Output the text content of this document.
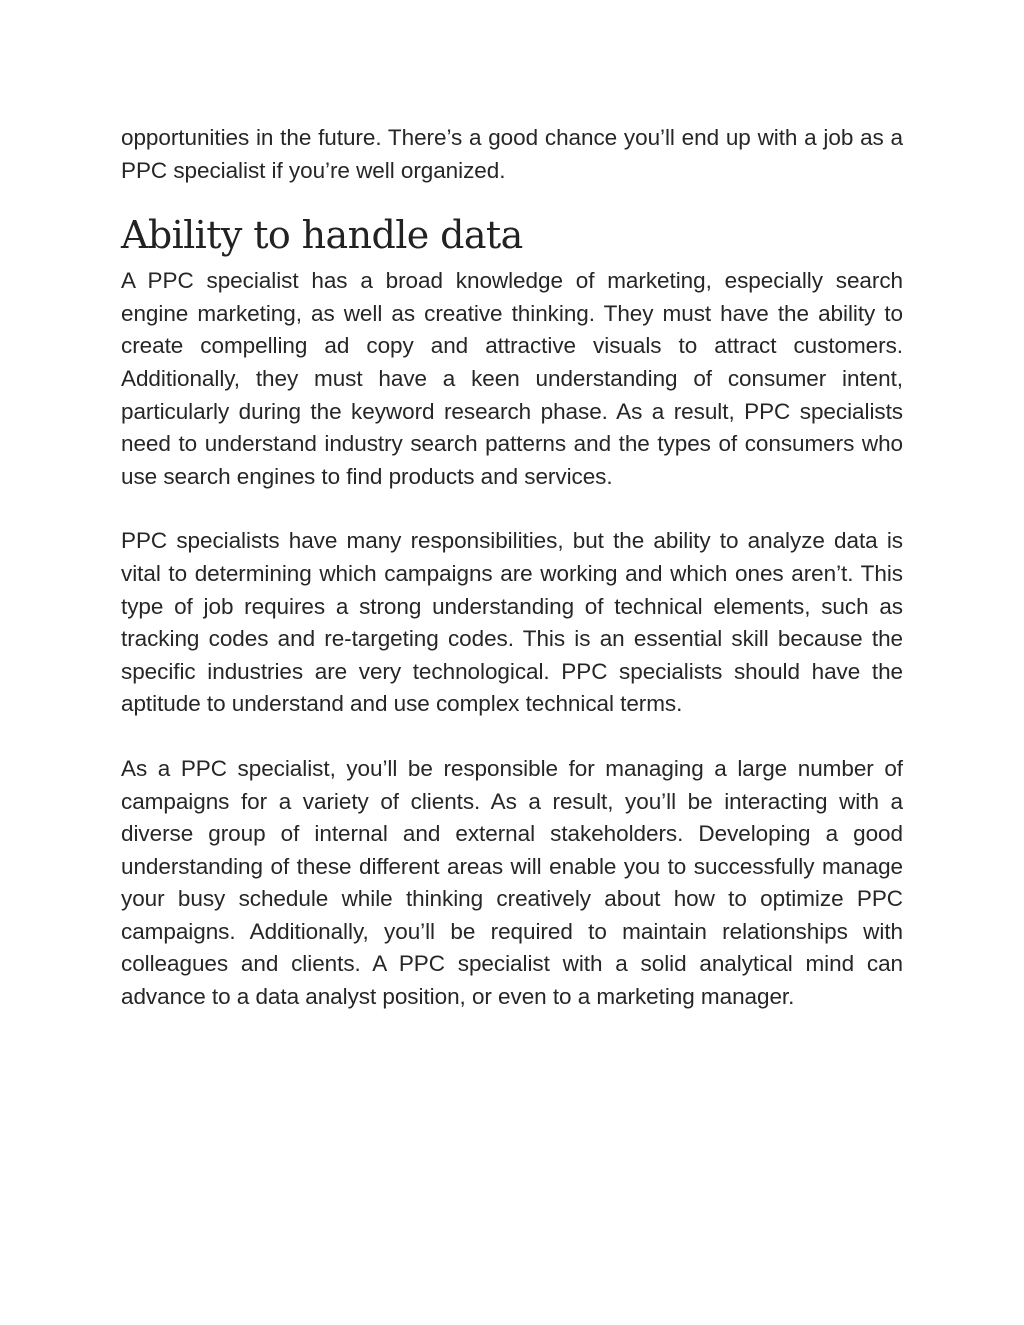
opportunities in the future. There’s a good chance you’ll end up with a job as a PPC specialist if you’re well organized.

Ability to handle data

A PPC specialist has a broad knowledge of marketing, especially search engine marketing, as well as creative thinking. They must have the ability to create compelling ad copy and attractive visuals to attract customers. Additionally, they must have a keen understanding of consumer intent, particularly during the keyword research phase. As a result, PPC specialists need to understand industry search patterns and the types of consumers who use search engines to find products and services.

PPC specialists have many responsibilities, but the ability to analyze data is vital to determining which campaigns are working and which ones aren’t. This type of job requires a strong understanding of technical elements, such as tracking codes and re-targeting codes. This is an essential skill because the specific industries are very technological. PPC specialists should have the aptitude to understand and use complex technical terms.

As a PPC specialist, you’ll be responsible for managing a large number of campaigns for a variety of clients. As a result, you’ll be interacting with a diverse group of internal and external stakeholders. Developing a good understanding of these different areas will enable you to successfully manage your busy schedule while thinking creatively about how to optimize PPC campaigns. Additionally, you’ll be required to maintain relationships with colleagues and clients. A PPC specialist with a solid analytical mind can advance to a data analyst position, or even to a marketing manager.
